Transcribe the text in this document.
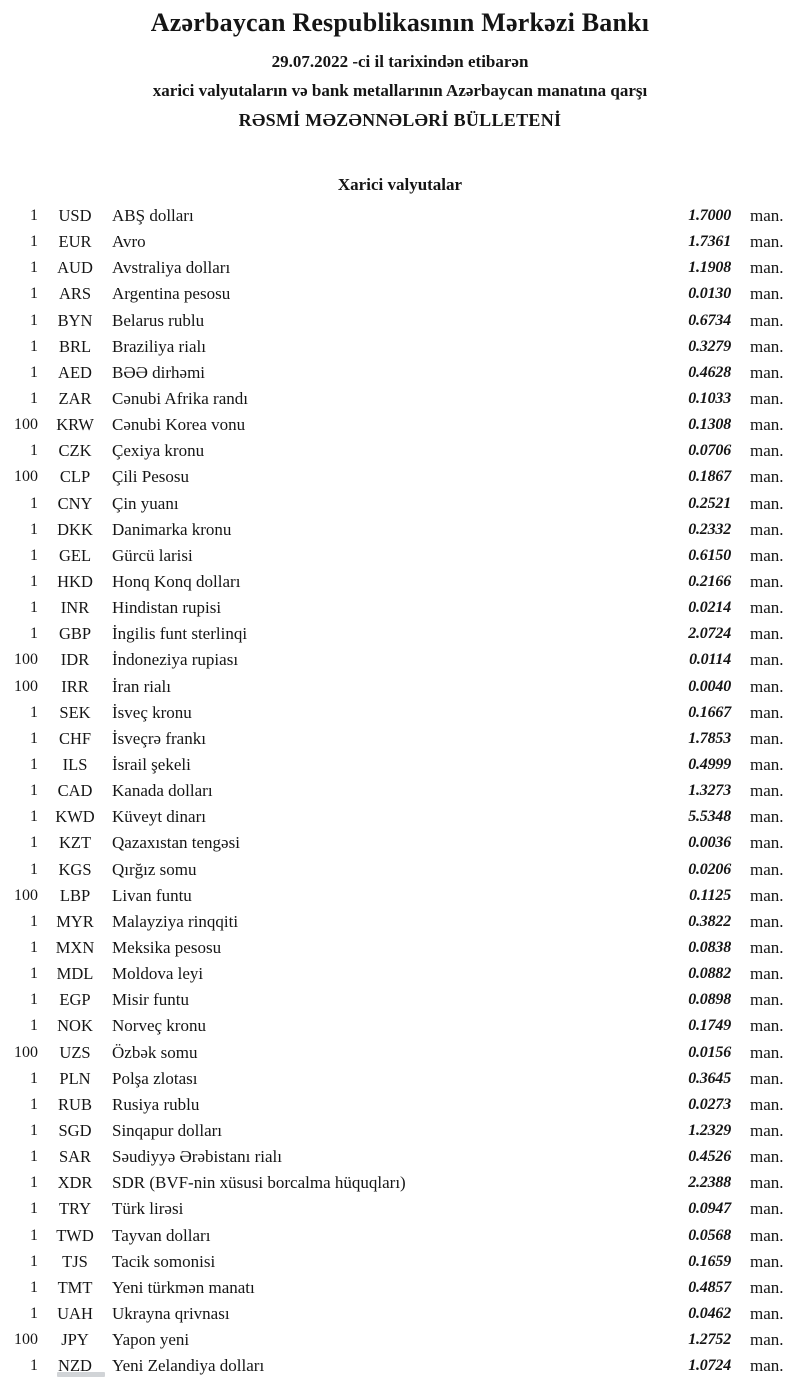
Azərbaycan Respublikasının Mərkəzi Bankı
29.07.2022 -ci il tarixindən etibarən
xarici valyutaların və bank metallarının Azərbaycan manatına qarşı
RƏSMİ MƏZƏNNƏLƏRİ BÜLLETENİ
Xarici valyutalar
1	USD	ABŞ dolları	1.7000 man.
1	EUR	Avro	1.7361 man.
1	AUD	Avstraliya dolları	1.1908 man.
1	ARS	Argentina pesosu	0.0130 man.
1	BYN	Belarus rublu	0.6734 man.
1	BRL	Braziliya rialı	0.3279 man.
1	AED	BƏƏ dirhəmi	0.4628 man.
1	ZAR	Cənubi Afrika randı	0.1033 man.
100	KRW	Cənubi Korea vonu	0.1308 man.
1	CZK	Çexiya kronu	0.0706 man.
100	CLP	Çili Pesosu	0.1867 man.
1	CNY	Çin yuanı	0.2521 man.
1	DKK	Danimarka kronu	0.2332 man.
1	GEL	Gürcü larisi	0.6150 man.
1	HKD	Honq Konq dolları	0.2166 man.
1	INR	Hindistan rupisi	0.0214 man.
1	GBP	İngilis funt sterlinqi	2.0724 man.
100	IDR	İndoneziya rupiası	0.0114 man.
100	IRR	İran rialı	0.0040 man.
1	SEK	İsveç kronu	0.1667 man.
1	CHF	İsveçrə frankı	1.7853 man.
1	ILS	İsrail şekeli	0.4999 man.
1	CAD	Kanada dolları	1.3273 man.
1	KWD	Küveyt dinarı	5.5348 man.
1	KZT	Qazaxıstan tengəsi	0.0036 man.
1	KGS	Qırğız somu	0.0206 man.
100	LBP	Livan funtu	0.1125 man.
1	MYR	Malayziya rinqqiti	0.3822 man.
1	MXN	Meksika pesosu	0.0838 man.
1	MDL	Moldova leyi	0.0882 man.
1	EGP	Misir funtu	0.0898 man.
1	NOK	Norveç kronu	0.1749 man.
100	UZS	Özbək somu	0.0156 man.
1	PLN	Polşa zlotası	0.3645 man.
1	RUB	Rusiya rublu	0.0273 man.
1	SGD	Sinqapur dolları	1.2329 man.
1	SAR	Səudiyyə Ərəbistanı rialı	0.4526 man.
1	XDR	SDR (BVF-nin xüsusi borcalma hüquqları)	2.2388 man.
1	TRY	Türk lirəsi	0.0947 man.
1	TWD	Tayvan dolları	0.0568 man.
1	TJS	Tacik somonisi	0.1659 man.
1	TMT	Yeni türkmən manatı	0.4857 man.
1	UAH	Ukrayna qrivnası	0.0462 man.
100	JPY	Yapon yeni	1.2752 man.
1	NZD	Yeni Zelandiya dolları	1.0724 man.
